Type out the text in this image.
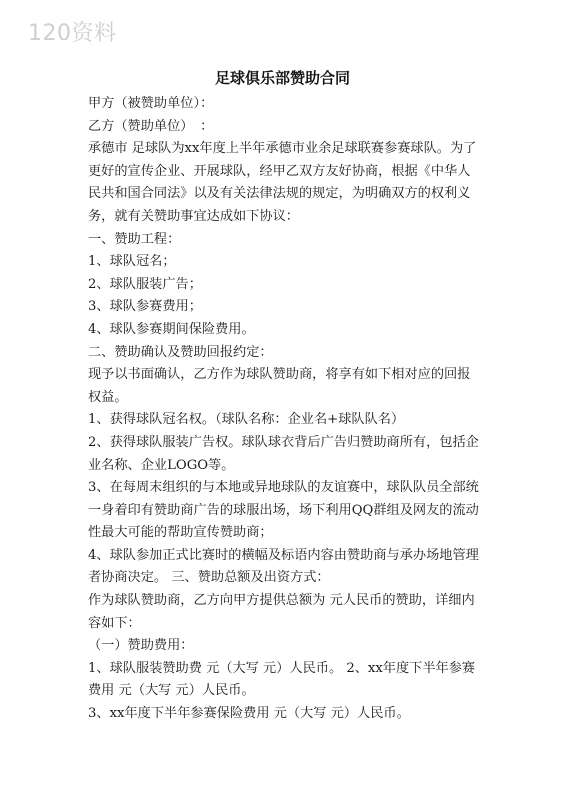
120资料
足球俱乐部赞助合同

甲方（被赞助单位）：

乙方（赞助单位）　：

承德市 足球队为xx年度上半年承德市业余足球联赛参赛球队。为了更好的宣传企业、开展球队，经甲乙双方友好协商，根据《中华人民共和国合同法》以及有关法律法规的规定，为明确双方的权利义务，就有关赞助事宜达成如下协议：

一、赞助工程：

1、球队冠名；

2、球队服装广告；

3、球队参赛费用；

4、球队参赛期间保险费用。

二、赞助确认及赞助回报约定：

现予以书面确认，乙方作为球队赞助商，将享有如下相对应的回报权益。

1、获得球队冠名权。（球队名称：企业名+球队队名）

2、获得球队服装广告权。球队球衣背后广告归赞助商所有，包括企业名称、企业LOGO等。

3、在每周末组织的与本地或异地球队的友谊赛中，球队队员全部统一身着印有赞助商广告的球服出场，场下利用QQ群组及网友的流动性最大可能的帮助宣传赞助商；

4、球队参加正式比赛时的横幅及标语内容由赞助商与承办场地管理者协商决定。 三、赞助总额及出资方式：

作为球队赞助商，乙方向甲方提供总额为 元人民币的赞助，详细内容如下：

（一）赞助费用：

1、球队服装赞助费 元（大写 元）人民币。 2、xx年度下半年参赛费用 元（大写 元）人民币。

3、xx年度下半年参赛保险费用 元（大写 元）人民币。
